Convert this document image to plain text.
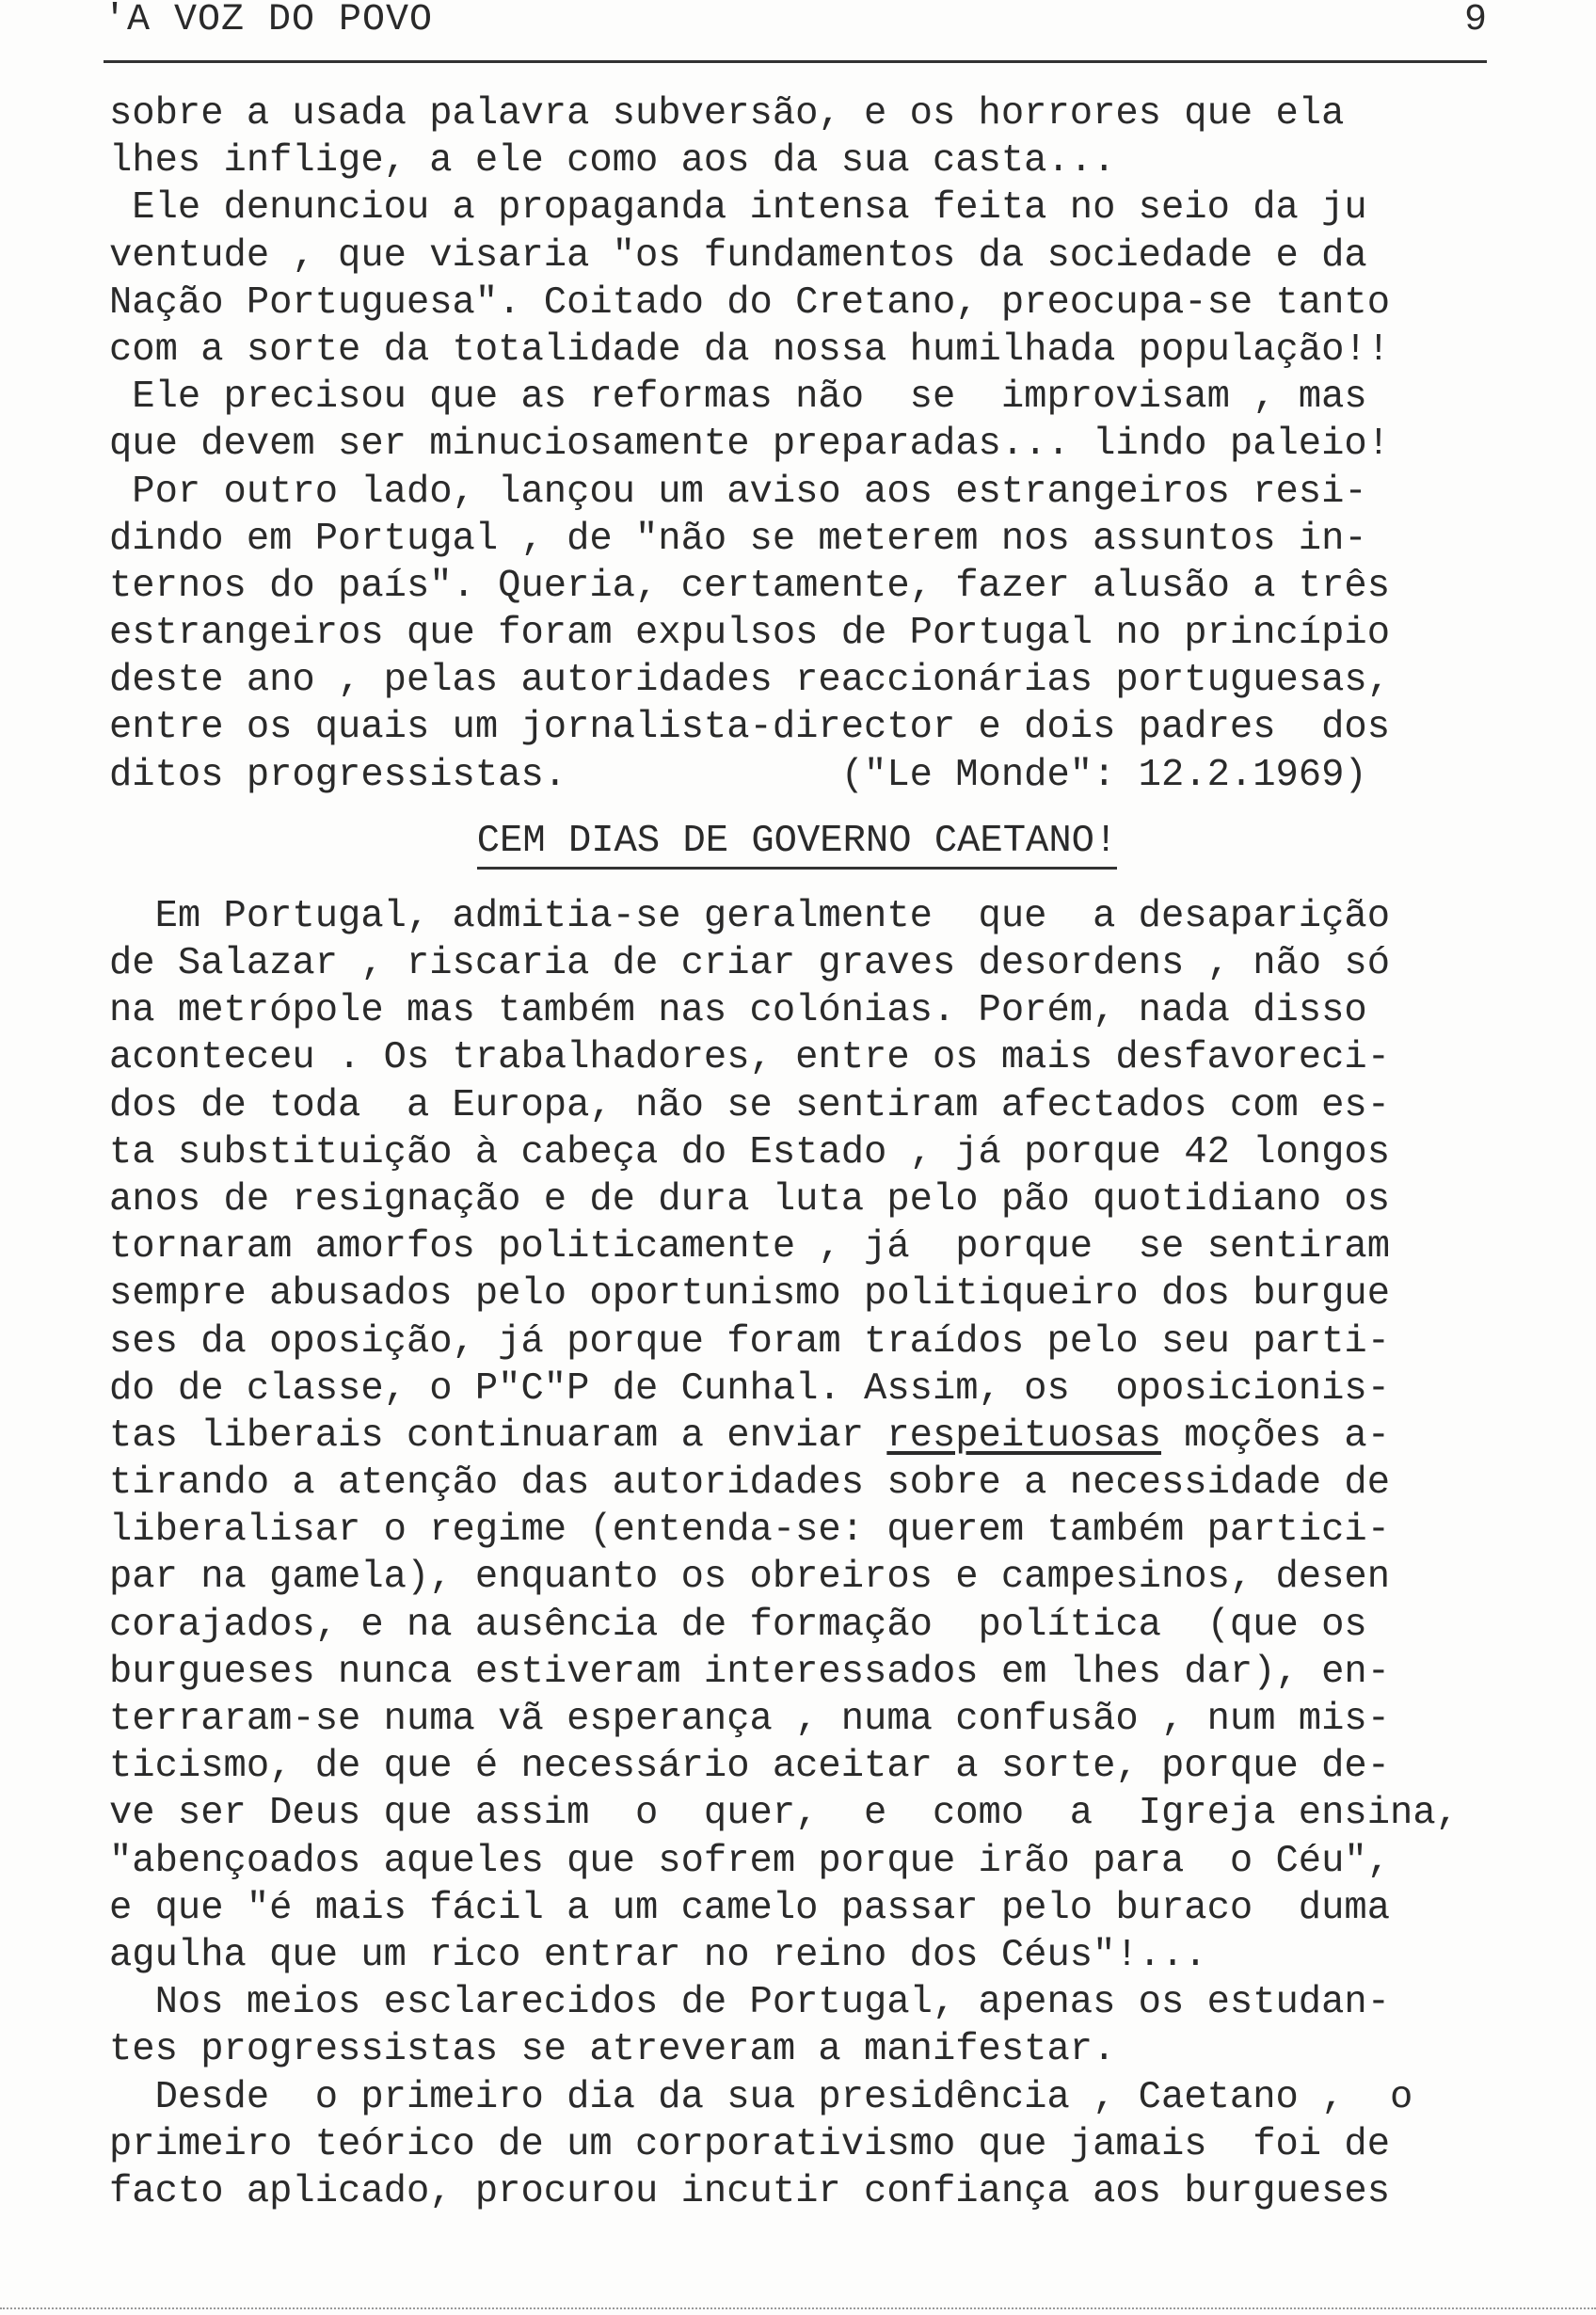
'A VOZ DO POVO	9
sobre a usada palavra subversão, e os horrores que ela
lhes inflige, a ele como aos da sua casta...
Ele denunciou a propaganda intensa feita no seio da ju
ventude , que visaria "os fundamentos da sociedade e da
Nação Portuguesa". Coitado do Cretano, preocupa-se tanto
com a sorte da totalidade da nossa humilhada população!!
Ele precisou que as reformas não  se  improvisam , mas
que devem ser minuciosamente preparadas... lindo paleio!
Por outro lado, lançou um aviso aos estrangeiros resi-
dindo em Portugal , de "não se meterem nos assuntos in-
ternos do país". Queria, certamente, fazer alusão a três
estrangeiros que foram expulsos de Portugal no princípio
deste ano , pelas autoridades reaccionárias portuguesas,
entre os quais um jornalista-director e dois padres  dos
ditos progressistas.            ("Le Monde": 12.2.1969)
CEM DIAS DE GOVERNO CAETANO!
Em Portugal, admitia-se geralmente  que  a desaparição
de Salazar , riscaria de criar graves desordens , não só
na metrópole mas também nas colónias. Porém, nada disso
aconteceu . Os trabalhadores, entre os mais desfavoreci-
dos de toda  a Europa, não se sentiram afectados com es-
ta substituição à cabeça do Estado , já porque 42 longos
anos de resignação e de dura luta pelo pão quotidiano os
tornaram amorfos politicamente , já  porque  se sentiram
sempre abusados pelo oportunismo politiqueiro dos burgue
ses da oposição, já porque foram traídos pelo seu parti-
do de classe, o P"C"P de Cunhal. Assim, os  oposicionis-
tas liberais continuaram a enviar respeituosas moções a-
tirando a atenção das autoridades sobre a necessidade de
liberalisar o regime (entenda-se: querem também partici-
par na gamela), enquanto os obreiros e campesinos, desen
corajados, e na ausência de formação  política  (que os
burgueses nunca estiveram interessados em lhes dar), en-
terraram-se numa vã esperança , numa confusão , num mis-
ticismo, de que é necessário aceitar a sorte, porque de-
ve ser Deus que assim  o  quer,  e  como  a  Igreja ensina,
"abençoados aqueles que sofrem porque irão para  o Céu",
e que "é mais fácil a um camelo passar pelo buraco  duma
agulha que um rico entrar no reino dos Céus"!...
Nos meios esclarecidos de Portugal, apenas os estudan-
tes progressistas se atreveram a manifestar.
Desde  o primeiro dia da sua presidência , Caetano ,  o
primeiro teórico de um corporativismo que jamais  foi de
facto aplicado, procurou incutir confiança aos burgueses
